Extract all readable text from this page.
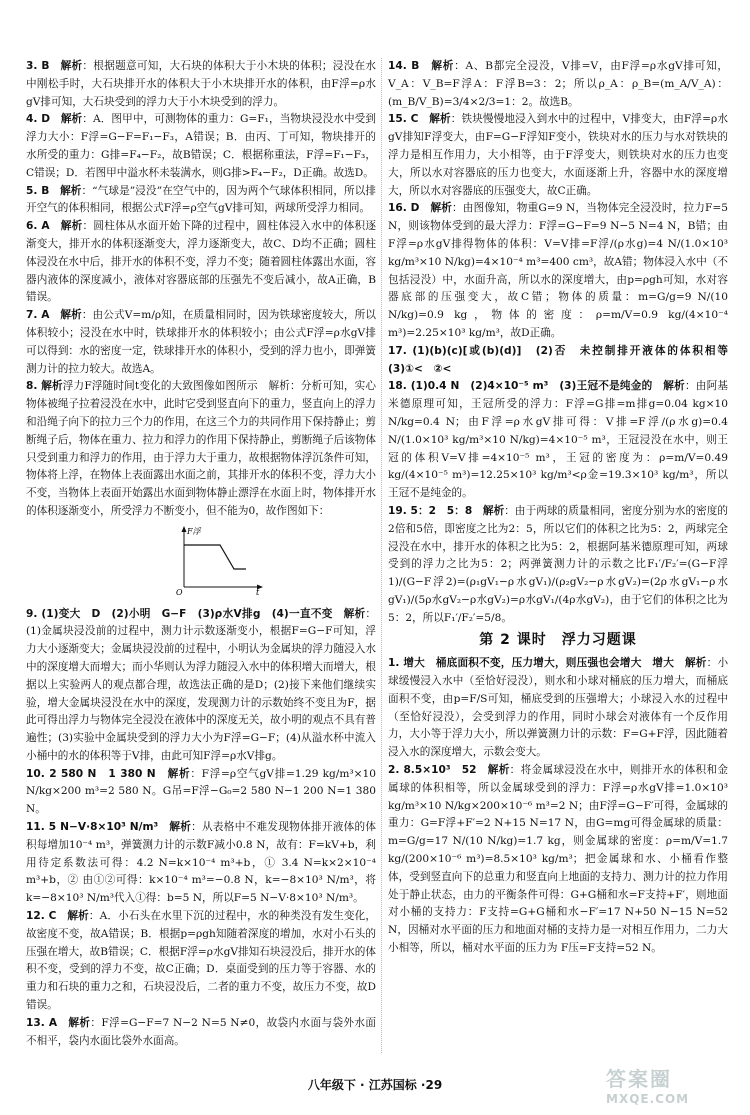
3. B　 解析：根据题意可知，大石块的体积大于小木块的体积；浸没在水中刚松手时，大石块排开水的体积大于小木块排开水的体积，由F浮=ρ水gV排可知，大石块受到的浮力大于小木块受到的浮力。
4. D　 解析：A．图甲中，可测物体的重力：G=F₁，当物块浸没水中受到浮力大小：F浮=G−F=F₁−F₃，A错误；B．由丙、丁可知，物块排开的水所受的重力：G排=F₄−F₂，故B错误；C．根据称重法，F浮=F₁−F₃，C错误；D．若图甲中溢水杯未装满水，则G排>F₄−F₂，D正确。故选D。
5. B　 解析：“气球是”浸没”在空气中的，因为两个气球体积相同，所以排开空气的体积相同，根据公式F浮=ρ空气gV排可知，两球所受浮力相同。
6. A　 解析：圆柱体从水面开始下降的过程中，圆柱体浸入水中的体积逐渐变大，排开水的体积逐渐变大，浮力逐渐变大，故C、D均不正确；圆柱体浸没在水中后，排开水的体积不变，浮力不变；随着圆柱体露出水面，容器内液体的深度减小，液体对容器底部的压强先不变后减小，故A正确，B错误。
7. A　 解析：由公式V=m/ρ知，在质量相同时，因为铁球密度较大，所以体积较小；浸没在水中时，铁球排开水的体积较小；由公式F浮=ρ水gV排可以得到：水的密度一定，铁球排开水的体积小，受到的浮力也小，即弹簧测力计的拉力较大。故选A。
8. 解析浮力F浮随时间t变化的大致图像如图所示　解析：分析可知，实心物体被绳子拉着浸没在水中，此时它受到竖直向下的重力，竖直向上的浮力和沿绳子向下的拉力三个力的作用，在这三个力的共同作用下保持静止；剪断绳子后，物体在重力、拉力和浮力的作用下保持静止，剪断绳子后该物体只受到重力和浮力的作用，由于浮力大于重力，故根据物体浮沉条件可知，物体将上浮，在物体上表面露出水面之前，其排开水的体积不变，浮力大小不变，当物体上表面开始露出水面到物体静止漂浮在水面上时，物体排开水的体积逐渐变小，所受浮力不断变小，但不能为0，故作图如下：
F浮
t
O
9. (1)变大　D　(2)小明　G−F　(3)ρ水V排g　(4)一直不变　 解析：(1)金属块浸没前的过程中，测力计示数逐渐变小，根据F=G−F可知，浮力大小逐渐变大；金属块浸没前的过程中，小明认为金属块的浮力随浸入水中的深度增大而增大；而小华则认为浮力随浸入水中的体积增大而增大，根据以上实验两人的观点都合理，故选法正确的是D；(2)接下来他们继续实验，增大金属块浸没在水中的深度，发现测力计的示数始终不变且为F，据此可得出浮力与物体完全浸没在液体中的深度无关，故小明的观点不具有普遍性；(3)实验中金属块受到的浮力大小为F浮=G−F；(4)从溢水杯中流入小桶中的水的体积等于V排，由此可知F浮=ρ水V排g。
10. 2 580 N　1 380 N　 解析：F浮=ρ空气gV排=1.29 kg/m³×10 N/kg×200 m³=2 580 N。G吊=F浮−G₀=2 580 N−1 200 N=1 380 N。
11. 5 N−V·8×10³ N/m³　 解析：从表格中不难发现物体排开液体的体积每增加10⁻⁴ m³，弹簧测力计的示数F减小0.8 N，故有：F=kV+b，利用待定系数法可得：4.2 N=k×10⁻⁴ m³+b，① 3.4 N=k×2×10⁻⁴ m³+b，② 由①②可得：k×10⁻⁴ m³=−0.8 N，k=−8×10³ N/m³，将k=−8×10³ N/m³代入①得：b=5 N，所以F=5 N−V·8×10³ N/m³。
12. C　 解析：A．小石头在水里下沉的过程中，水的种类没有发生变化，故密度不变，故A错误；B．根据p=ρgh知随着深度的增加，水对小石头的压强在增大，故B错误；C．根据F浮=ρ水gV排知石块浸没后，排开水的体积不变，受到的浮力不变，故C正确；D．桌面受到的压力等于容器、水的重力和石块的重力之和，石块浸没后，二者的重力不变，故压力不变，故D错误。
13. A　 解析：F浮=G−F=7 N−2 N=5 N≠0，故袋内水面与袋外水面不相平，袋内水面比袋外水面高。
14. B　 解析：A、B都完全浸没，V排=V，由F浮=ρ水gV排可知，V_A：V_B=F浮A：F浮B=3：2；所以ρ_A：ρ_B=(m_A/V_A)：(m_B/V_B)=3/4×2/3=1：2。故选B。
15. C　 解析：铁块慢慢地浸入到水中的过程中，V排变大，由F浮=ρ水gV排知F浮变大，由F=G−F浮知F变小，铁块对水的压力与水对铁块的浮力是相互作用力，大小相等，由于F浮变大，则铁块对水的压力也变大，所以水对容器底的压力也变大，水面逐渐上升，容器中水的深度增大，所以水对容器底的压强变大，故C正确。
16. D　 解析：由图像知，物重G=9 N，当物体完全浸没时，拉力F=5 N，则该物体受到的最大浮力：F浮=G−F=9 N−5 N=4 N，B错；由F浮=ρ水gV排得物体的体积：V=V排=F浮/(ρ水g)=4 N/(1.0×10³ kg/m³×10 N/kg)=4×10⁻⁴ m³=400 cm³，故A错；物体浸入水中（不包括浸没）中，水面升高，所以水的深度增大，由p=ρgh可知，水对容器底部的压强变大，故C错；物体的质量：m=G/g=9 N/(10 N/kg)=0.9 kg，物体的密度：ρ=m/V=0.9 kg/(4×10⁻⁴ m³)=2.25×10³ kg/m³，故D正确。
17. (1)(b)(c)[或(b)(d)]　(2)否　未控制排开液体的体积相等　(3)①<　②<　
18. (1)0.4 N　(2)4×10⁻⁵ m³　(3)王冠不是纯金的　 解析：由阿基米德原理可知，王冠所受的浮力：F浮=G排=m排g=0.04 kg×10 N/kg=0.4 N；由F浮=ρ水gV排可得：V排=F浮/(ρ水g)=0.4 N/(1.0×10³ kg/m³×10 N/kg)=4×10⁻⁵ m³，王冠浸没在水中，则王冠的体积V=V排=4×10⁻⁵ m³，王冠的密度为：ρ=m/V=0.49 kg/(4×10⁻⁵ m³)=12.25×10³ kg/m³<ρ金=19.3×10³ kg/m³，所以王冠不是纯金的。
19. 5：2　5：8　 解析：由于两球的质量相同，密度分别为水的密度的2倍和5倍，即密度之比为2：5，所以它们的体积之比为5：2，两球完全浸没在水中，排开水的体积之比为5：2，根据阿基米德原理可知，两球受到的浮力之比为5：2；两弹簧测力计的示数之比F₁′/F₂′=(G−F浮1)/(G−F浮2)=(ρ₁gV₁−ρ水gV₁)/(ρ₂gV₂−ρ水gV₂)=(2ρ水gV₁−ρ水gV₁)/(5ρ水gV₂−ρ水gV₂)=ρ水gV₁/(4ρ水gV₂)，由于它们的体积之比为5：2，所以F₁′/F₂′=5/8。
第 2 课时　浮力习题课
1. 增大　桶底面积不变，压力增大，则压强也会增大　增大　 解析：小球缓慢浸入水中（至恰好浸没），则水和小球对桶底的压力增大，而桶底面积不变，由p=F/S可知，桶底受到的压强增大；小球浸入水的过程中（至恰好浸没），会受到浮力的作用，同时小球会对液体有一个反作用力，大小等于浮力大小，所以弹簧测力计的示数：F=G+F浮，因此随着浸入水的深度增大，示数会变大。
2. 8.5×10³　52　 解析：将金属球浸没在水中，则排开水的体积和金属球的体积相等，所以金属球受到的浮力：F浮=ρ水gV排=1.0×10³ kg/m³×10 N/kg×200×10⁻⁶ m³=2 N；由F浮=G−F′可得，金属球的重力：G=F浮+F′=2 N+15 N=17 N，由G=mg可得金属球的质量：m=G/g=17 N/(10 N/kg)=1.7 kg，则金属球的密度：ρ=m/V=1.7 kg/(200×10⁻⁶ m³)=8.5×10³ kg/m³；把金属球和水、小桶看作整体，受到竖直向下的总重力和竖直向上地面的支持力、测力计的拉力作用处于静止状态，由力的平衡条件可得：G+G桶和水=F支持+F′，则地面对小桶的支持力：F支持=G+G桶和水−F′=17 N+50 N−15 N=52 N，因桶对水平面的压力和地面对桶的支持力是一对相互作用力，二力大小相等，所以，桶对水平面的压力为 F压=F支持=52 N。
八年级下 · 江苏国标 ·29	答案圈
MXQE.COM
